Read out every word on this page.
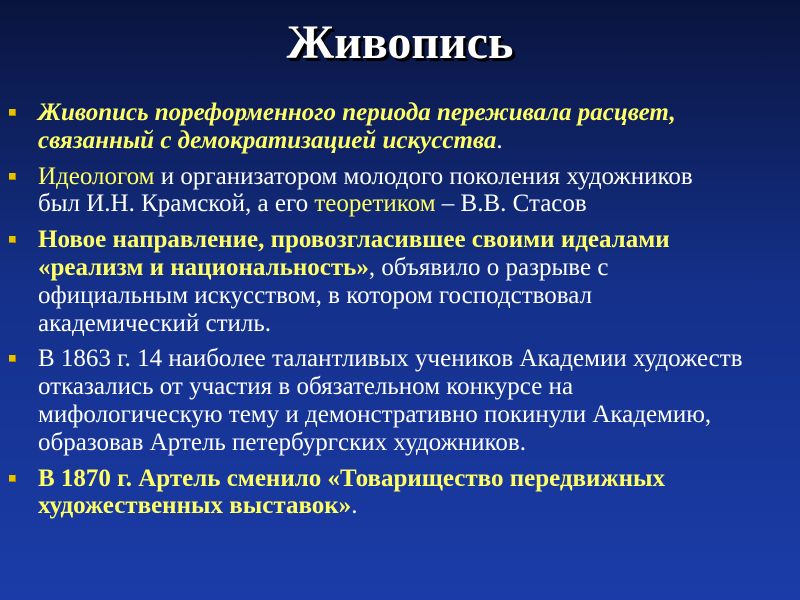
Живопись
Живопись пореформенного периода переживала расцвет,
связанный с демократизацией искусства.
Идеологом и организатором молодого поколения художников
был И.Н. Крамской, а его теоретиком – В.В. Стасов
Новое направление, провозгласившее своими идеалами
«реализм и национальность», объявило о разрыве с
официальным искусством, в котором господствовал
академический стиль.
В 1863 г. 14 наиболее талантливых учеников Академии художеств
отказались от участия в обязательном конкурсе на
мифологическую тему и демонстративно покинули Академию,
образовав Артель петербургских художников.
В 1870 г. Артель сменило «Товарищество передвижных
художественных выставок».
